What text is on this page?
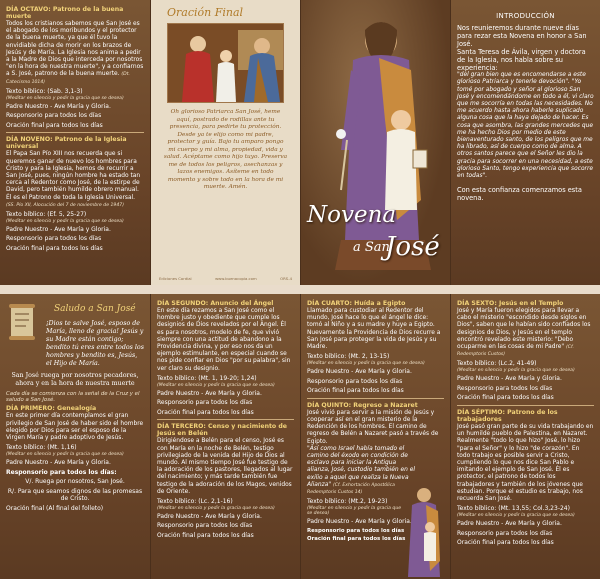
DÍA OCTAVO: Patrono de la buena muerte

Todos los cristianos sabemos que San José es el abogado de los moribundos y el protector de la buena muerte, ya que él tuvo la envidiable dicha de morir en los brazos de Jesús y de María. La Iglesia nos anima a pedir a la Madre de Dios que interceda por nosotros "en la hora de nuestra muerte", y a confiarnos a S. José, patrono de la buena muerte. (Dt. Catecismo 1014)

Texto bíblico: (Sab. 3,1-3)

(Meditar en silencio y pedir la gracia que se desea)

Padre Nuestro - Ave María y Gloria.

Responsorio para todos los días

Oración final para todos los días

DÍA NOVENO: Patrono de la Iglesia universal

El Papa San Pío XIII nos recuerda que si queremos ganar de nuevo los hombres para Cristo y para la Iglesia, hemos de recurrir a San José, pues, ningún hombre ha estado tan cerca al Redentor como José, de la estirpe de David, pero también humilde obrero manual. Él es el Patrono de toda la Iglesia Universal. (SS. Pío XII, Alocución del 7 de noviembre de 1947)

Texto bíblico: (Ef. 5, 25-27)

(Meditar en silencio y pedir la gracia que se desea)

Padre Nuestro - Ave María y Gloria.

Responsorio para todos los días

Oración final para todos los días

Oración Final

Oh glorioso Patriarca San José, heme aquí, postrado de rodillas ante tu presencia, para pedirte tu protección. Desde ya te elijo como mi padre, protector y guía. Bajo tu amparo pongo mi cuerpo y mi alma, propiedad, vida y salud. Acéptame como hijo tuyo. Preserva me de todos los peligros, asechanzas y lazos enemigos. Asíteme en todo momento y sobre todo en la hora de mi muerte. Amén.

Ediciones Cordial	www.buenacopia.com	ORS-4
Novena
a San
José

INTRODUCCIÓN

Nos reunieremos durante nueve días para rezar esta Novena en honor a San José.

Santa Teresa de Ávila, virgen y doctora de la Iglesia, nos habla sobre su experiencia:

"del gran bien que es encomendarse a este glorioso Patriarca y tenerle devoción". "Yo tomé por abogado y señor al glorioso San José y encomendándome en todo a él, vi claro que me socorría en todas las necesidades. No me acuerdo hasta ahora haberle suplicado alguna cosa que la haya dejado de hacer. Es cosa que asombra, las grandes mercedes que me ha hecho Dios por medio de este bienaventurado santo, de los peligros que me ha librado, así de cuerpo como de alma. A otros santos parece que el Señor les dio la gracia para socorrer en una necesidad, a este glorioso Santo, tengo experiencia que socorre en todas".

Con esta confianza comenzamos esta novena.

Saludo a San José

¡Dios te salve José, esposo de María, lleno de gracia! Jesús y su Madre están contigo; bendito tú eres entre todos los hombres y bendito es, Jesús, el Hijo de María.

San José ruega por nosotros pecadores, ahora y en la hora de nuestra muerte

Cada día se comienza con la señal de la Cruz y el saludo a San José.

DÍA PRIMERO: Genealogía

En este primer día contemplamos el gran privilegio de San José de haber sido el hombre elegido por Dios para ser el esposo de la Virgen María y padre adoptivo de Jesús.

Texto bíblico: (Mt. 1,16)

(Meditar en silencio y pedir la gracia que se desea)

Padre Nuestro - Ave María y Gloria.

Responsorio para todos los días:

V/. Ruega por nosotros, San José.

R/. Para que seamos dignos de las promesas de Cristo.

Oración final (Al final del folleto)

DÍA SEGUNDO: Anuncio del Ángel

En este día rezamos a San José como el hombre justo y obediente que cumple los designios de Dios revelados por el Ángel. Él es para nosotros, modelo de fe, que vivió siempre con una actitud de abandono a la Providencia divina, y por eso nos da un ejemplo estimulante, en especial cuando se nos pide confiar en Dios "por su palabra", sin ver claro su designio.

Texto bíblico: (Mt. 1, 19-20; 1,24)

(Meditar en silencio y pedir la gracia que se desea)

Padre Nuestro - Ave María y Gloria.

Responsorio para todos los días

Oración final para todos los días

DÍA TERCERO: Censo y nacimiento de Jesús en Belén

Dirigiéndose a Belén para el censo, José es con María en la noche de Belén, testigo privilegiado de la venida del Hijo de Dios al mundo. Al mismo tiempo José fue testigo de la adoración de los pastores, llegados al lugar del nacimiento; y más tarde también fue testigo de la adoración de los Magos, venidos de Oriente.

Texto bíblico: (Lc. 2,1-16)

(Meditar en silencio y pedir la gracia que se desea)

Padre Nuestro - Ave María y Gloria.

Responsorio para todos los días

Oración final para todos los días

DÍA CUARTO: Huída a Egipto

Llamado para custodiar al Redentor del mundo, José hace lo que el ángel le dice: tomó al Niño y a su madre y huye a Egipto. Nuevamente la Providencia de Dios recurre a San José para proteger la vida de Jesús y su Madre.

Texto bíblico: (Mt. 2, 13-15)

(Meditar en silencio y pedir la gracia que se desea)

Padre Nuestro - Ave María y Gloria.

Responsorio para todos los días

Oración final para todos los días

DÍA QUINTO: Regreso a Nazaret

José vivió para servir a la misión de Jesús y cooperar así en el gran misterio de la Redención de los hombres. El camino de regreso de Belén a Nazaret pasó a través de Egipto.

"Así como Israel había tomado el camino del éxodo en condición de esclavo para iniciar la Antigua alianza, José, custodio también en el exilio a aquel que realiza la Nueva Alianza" (Cf. Exhortación Apostólica Redemptoris Custos 14)

Texto bíblico: (Mt.2, 19-23)

(Meditar en silencio y pedir la gracia que se desea)

Padre Nuestro - Ave María y Gloria.

Responsorio para todos los días

Oración final para todos los días

DÍA SEXTO: Jesús en el Templo

José y María fueron elegidos para llevar a cabo el misterio "escondido desde siglos en Dios", saben que le habían sido confiados los designios de Dios, y Jesús en el templo encontró revelado este misterio: "Debo ocuparme en las cosas de mi Padre" (Cf. Redemptoris Custos)

Texto bíblico: (Lc.2, 41-49)

(Meditar en silencio y pedir la gracia que se desea)

Padre Nuestro - Ave María y Gloria.

Responsorio para todos los días

Oración final para todos los días

DÍA SÉPTIMO: Patrono de los trabajadores

José pasó gran parte de su vida trabajando en un humilde pueblo de Palestina, en Nazaret. Realmente "todo lo que hizo" José, lo hizo "para el Señor" y lo hizo "de corazón". En todo trabajo es posible servir a Cristo, cumpliendo lo que nos dice San Pablo e imitando el ejemplo de San José. Él es protector, el patrono de todos los trabajadores y también de los jóvenes que estudian. Porque el estudio es trabajo, nos recuerda San José.

Texto bíblico: (Mt. 13,55; Col.3,23-24)

(Meditar en silencio y pedir la gracia que se desea)

Padre Nuestro - Ave María y Gloria.

Responsorio para todos los días

Oración final para todos los días
